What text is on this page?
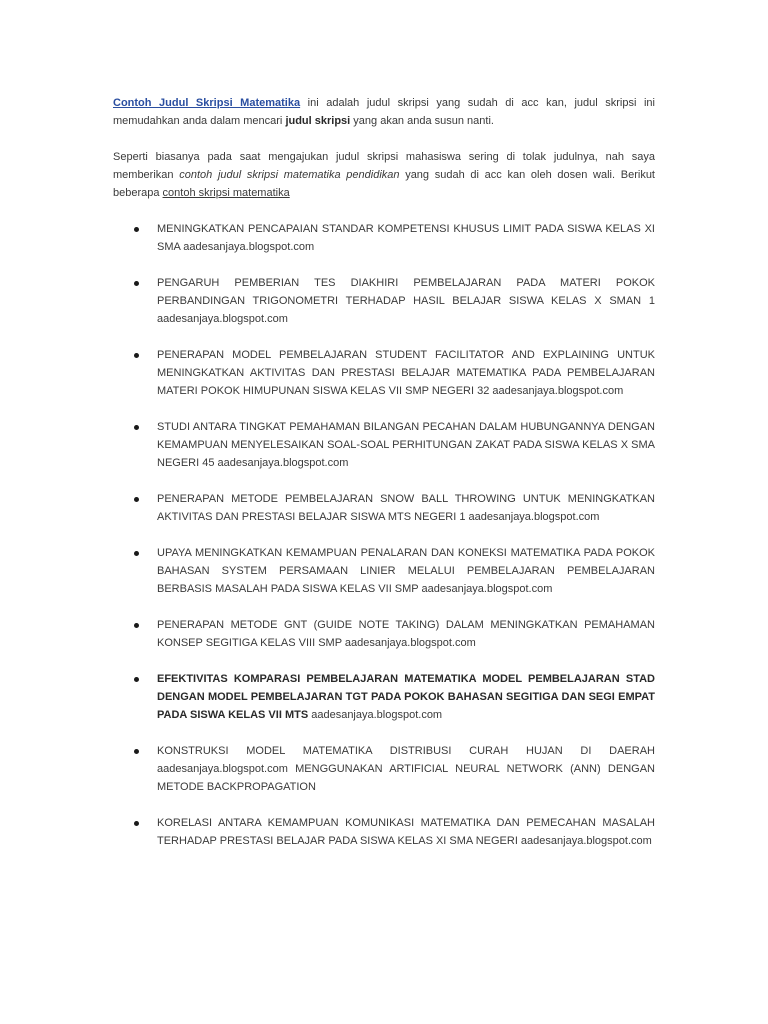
Contoh Judul Skripsi Matematika ini adalah judul skripsi yang sudah di acc kan, judul skripsi ini memudahkan anda dalam mencari judul skripsi yang akan anda susun nanti.

Seperti biasanya pada saat mengajukan judul skripsi mahasiswa sering di tolak judulnya, nah saya memberikan contoh judul skripsi matematika pendidikan yang sudah di acc kan oleh dosen wali. Berikut beberapa contoh skripsi matematika

MENINGKATKAN PENCAPAIAN STANDAR KOMPETENSI KHUSUS LIMIT PADA SISWA KELAS XI SMA aadesanjaya.blogspot.com
PENGARUH PEMBERIAN TES DIAKHIRI PEMBELAJARAN PADA MATERI POKOK PERBANDINGAN TRIGONOMETRI TERHADAP HASIL BELAJAR SISWA KELAS X SMAN 1 aadesanjaya.blogspot.com
PENERAPAN MODEL PEMBELAJARAN STUDENT FACILITATOR AND EXPLAINING UNTUK MENINGKATKAN AKTIVITAS DAN PRESTASI BELAJAR MATEMATIKA PADA PEMBELAJARAN MATERI POKOK HIMUPUNAN SISWA KELAS VII SMP NEGERI 32 aadesanjaya.blogspot.com
STUDI ANTARA TINGKAT PEMAHAMAN BILANGAN PECAHAN DALAM HUBUNGANNYA DENGAN KEMAMPUAN MENYELESAIKAN SOAL-SOAL PERHITUNGAN ZAKAT PADA SISWA KELAS X SMA NEGERI 45 aadesanjaya.blogspot.com
PENERAPAN METODE PEMBELAJARAN SNOW BALL THROWING UNTUK MENINGKATKAN AKTIVITAS DAN PRESTASI BELAJAR SISWA MTS NEGERI 1 aadesanjaya.blogspot.com
UPAYA MENINGKATKAN KEMAMPUAN PENALARAN DAN KONEKSI MATEMATIKA PADA POKOK BAHASAN SYSTEM PERSAMAAN LINIER MELALUI PEMBELAJARAN PEMBELAJARAN BERBASIS MASALAH PADA SISWA KELAS VII SMP aadesanjaya.blogspot.com
PENERAPAN METODE GNT (GUIDE NOTE TAKING) DALAM MENINGKATKAN PEMAHAMAN KONSEP SEGITIGA KELAS VIII SMP aadesanjaya.blogspot.com
EFEKTIVITAS KOMPARASI PEMBELAJARAN MATEMATIKA MODEL PEMBELAJARAN STAD DENGAN MODEL PEMBELAJARAN TGT PADA POKOK BAHASAN SEGITIGA DAN SEGI EMPAT PADA SISWA KELAS VII MTS aadesanjaya.blogspot.com
KONSTRUKSI MODEL MATEMATIKA DISTRIBUSI CURAH HUJAN DI DAERAH aadesanjaya.blogspot.com MENGGUNAKAN ARTIFICIAL NEURAL NETWORK (ANN) DENGAN METODE BACKPROPAGATION
KORELASI ANTARA KEMAMPUAN KOMUNIKASI MATEMATIKA DAN PEMECAHAN MASALAH TERHADAP PRESTASI BELAJAR PADA SISWA KELAS XI SMA NEGERI aadesanjaya.blogspot.com
